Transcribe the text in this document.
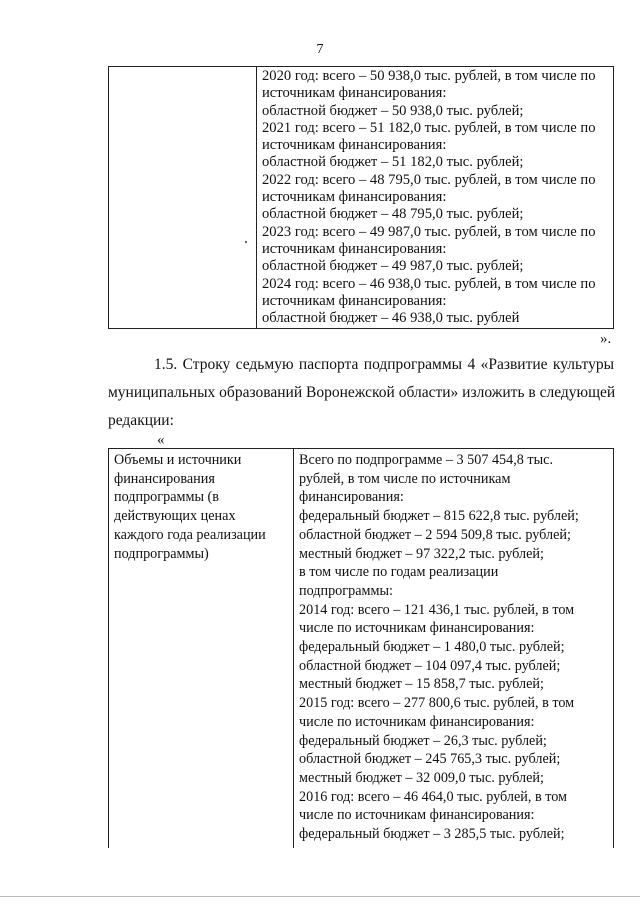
7
2020 год: всего – 50 938,0 тыс. рублей, в том числе по
источникам финансирования:
областной бюджет – 50 938,0 тыс. рублей;
2021 год: всего – 51 182,0 тыс. рублей, в том числе по
источникам финансирования:
областной бюджет – 51 182,0 тыс. рублей;
2022 год: всего – 48 795,0 тыс. рублей, в том числе по
источникам финансирования:
областной бюджет – 48 795,0 тыс. рублей;
2023 год: всего – 49 987,0 тыс. рублей, в том числе по
источникам финансирования:
областной бюджет – 49 987,0 тыс. рублей;
2024 год: всего – 46 938,0 тыс. рублей, в том числе по
источникам финансирования:
областной бюджет – 46 938,0 тыс. рублей
».
1.5. Строку седьмую паспорта подпрограммы 4 «Развитие культуры
муниципальных образований Воронежской области» изложить в следующей
редакции:
«
Объемы и источники
финансирования
подпрограммы (в
действующих ценах
каждого года реализации
подпрограммы)
Всего по подпрограмме – 3 507 454,8 тыс.
рублей, в том числе по источникам
финансирования:
федеральный бюджет – 815 622,8 тыс. рублей;
областной бюджет – 2 594 509,8 тыс. рублей;
местный бюджет – 97 322,2 тыс. рублей;
в том числе по годам реализации
подпрограммы:
2014 год: всего – 121 436,1 тыс. рублей, в том
числе по источникам финансирования:
федеральный бюджет – 1 480,0 тыс. рублей;
областной бюджет – 104 097,4 тыс. рублей;
местный бюджет – 15 858,7 тыс. рублей;
2015 год: всего – 277 800,6 тыс. рублей, в том
числе по источникам финансирования:
федеральный бюджет – 26,3 тыс. рублей;
областной бюджет – 245 765,3 тыс. рублей;
местный бюджет – 32 009,0 тыс. рублей;
2016 год: всего – 46 464,0 тыс. рублей, в том
числе по источникам финансирования:
федеральный бюджет – 3 285,5 тыс. рублей;
